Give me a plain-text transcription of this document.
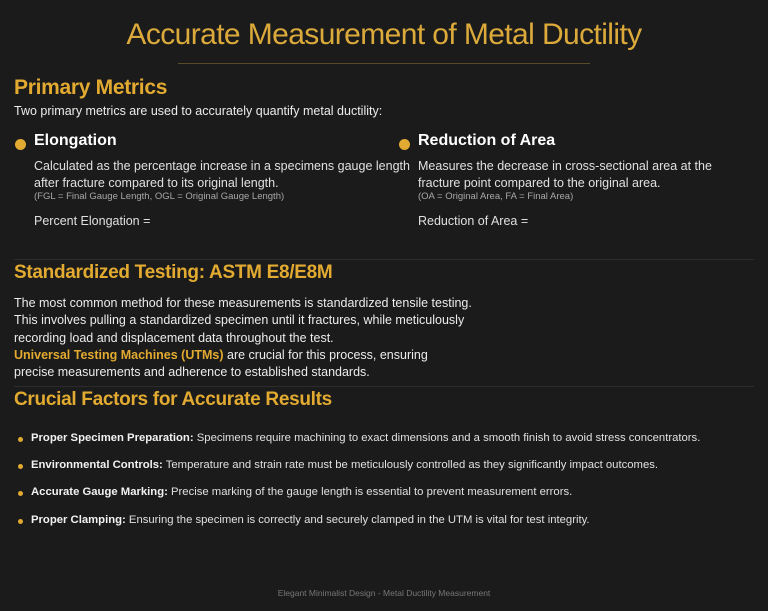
Accurate Measurement of Metal Ductility
Primary Metrics
Two primary metrics are used to accurately quantify metal ductility:
Elongation
Calculated as the percentage increase in a specimens gauge length
after fracture compared to its original length.
(FGL = Final Gauge Length, OGL = Original Gauge Length)
Percent Elongation =
Reduction of Area
Measures the decrease in cross-sectional area at the
fracture point compared to the original area.
(OA = Original Area, FA = Final Area)
Reduction of Area =
Standardized Testing: ASTM E8/E8M
The most common method for these measurements is standardized tensile testing.
This involves pulling a standardized specimen until it fractures, while meticulously
recording load and displacement data throughout the test.
Universal Testing Machines (UTMs) are crucial for this process, ensuring
precise measurements and adherence to established standards.
Crucial Factors for Accurate Results
Proper Specimen Preparation: Specimens require machining to exact dimensions and a smooth finish to avoid stress concentrators.
Environmental Controls: Temperature and strain rate must be meticulously controlled as they significantly impact outcomes.
Accurate Gauge Marking: Precise marking of the gauge length is essential to prevent measurement errors.
Proper Clamping: Ensuring the specimen is correctly and securely clamped in the UTM is vital for test integrity.
Elegant Minimalist Design - Metal Ductility Measurement
